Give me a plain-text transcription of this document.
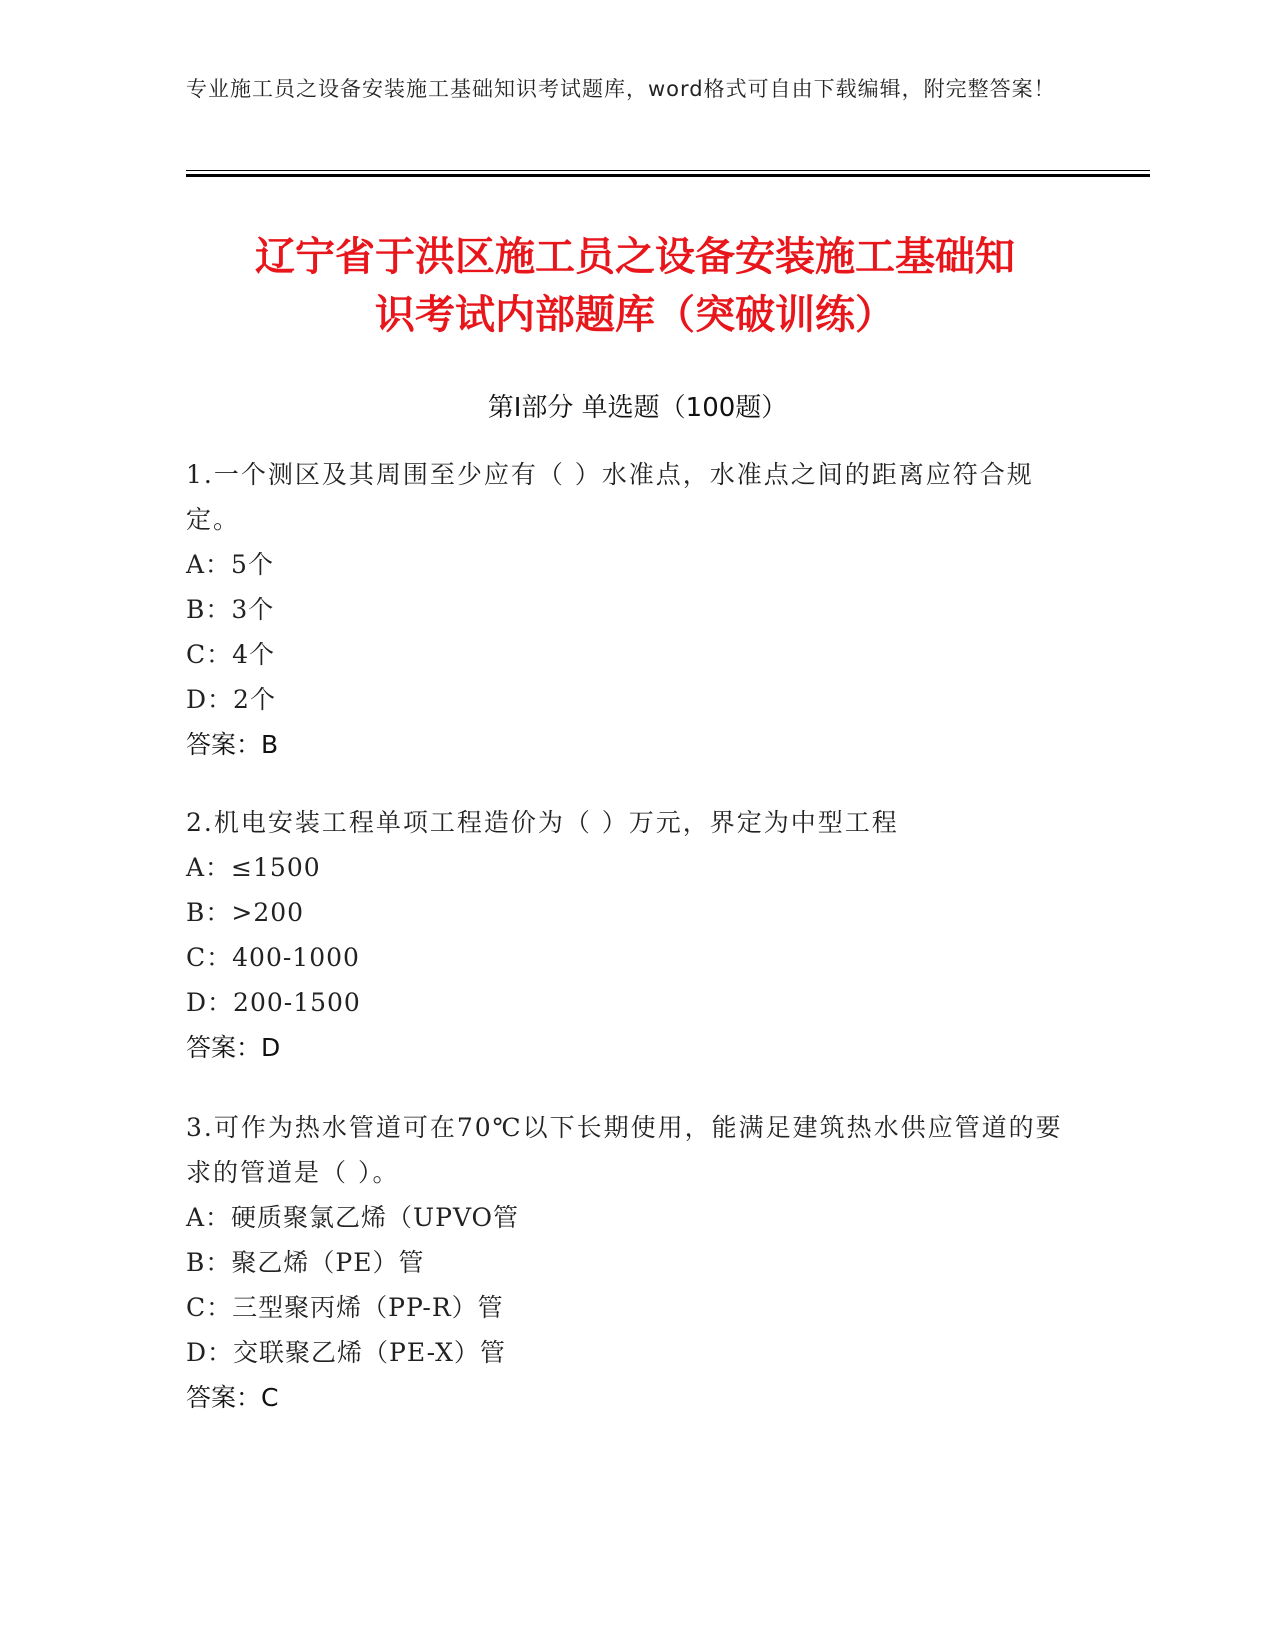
专业施工员之设备安装施工基础知识考试题库，word格式可自由下载编辑，附完整答案！
辽宁省于洪区施工员之设备安装施工基础知
识考试内部题库（突破训练）
第Ⅰ部分 单选题（100题）
1.一个测区及其周围至少应有（ ）水准点，水准点之间的距离应符合规定。
A：5个
B：3个
C：4个
D：2个
答案：B
2.机电安装工程单项工程造价为（ ）万元，界定为中型工程
A：≤1500
B：>200
C：400-1000
D：200-1500
答案：D
3.可作为热水管道可在70℃以下长期使用，能满足建筑热水供应管道的要求的管道是（ ）。
A：硬质聚氯乙烯（UPVO管
B：聚乙烯（PE）管
C：三型聚丙烯（PP-R）管
D：交联聚乙烯（PE-X）管
答案：C
